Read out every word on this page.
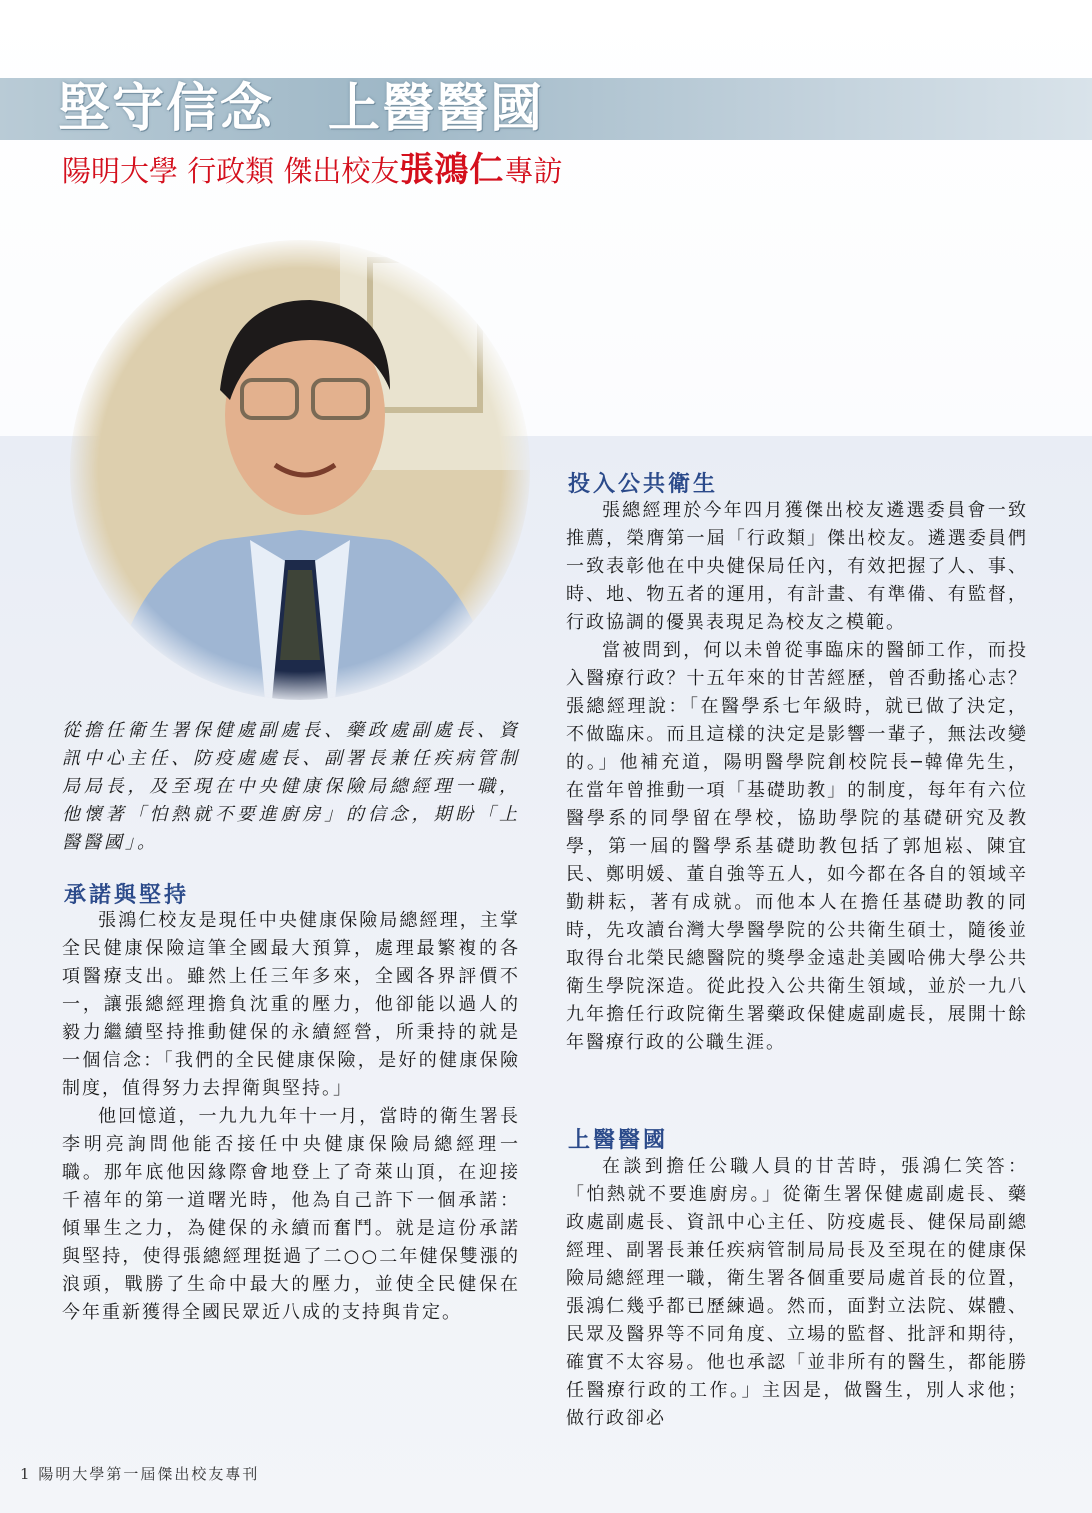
堅守信念　上醫醫國
陽明大學 行政類 傑出校友張鴻仁專訪

從擔任衛生署保健處副處長、藥政處副處長、資訊中心主任、防疫處處長、副署長兼任疾病管制局局長，及至現在中央健康保險局總經理一職，他懷著「怕熱就不要進廚房」的信念，期盼「上醫醫國」。

承諾與堅持

張鴻仁校友是現任中央健康保險局總經理，主掌全民健康保險這筆全國最大預算，處理最繁複的各項醫療支出。雖然上任三年多來，全國各界評價不一，讓張總經理擔負沈重的壓力，他卻能以過人的毅力繼續堅持推動健保的永續經營，所秉持的就是一個信念：「我們的全民健康保險，是好的健康保險制度，值得努力去捍衛與堅持。」

他回憶道，一九九九年十一月，當時的衛生署長李明亮詢問他能否接任中央健康保險局總經理一職。那年底他因緣際會地登上了奇萊山頂，在迎接千禧年的第一道曙光時，他為自己許下一個承諾：傾畢生之力，為健保的永續而奮鬥。就是這份承諾與堅持，使得張總經理挺過了二○○二年健保雙漲的浪頭，戰勝了生命中最大的壓力，並使全民健保在今年重新獲得全國民眾近八成的支持與肯定。

投入公共衛生

張總經理於今年四月獲傑出校友遴選委員會一致推薦，榮膺第一屆「行政類」傑出校友。遴選委員們一致表彰他在中央健保局任內，有效把握了人、事、時、地、物五者的運用，有計畫、有準備、有監督，行政協調的優異表現足為校友之模範。

當被問到，何以未曾從事臨床的醫師工作，而投入醫療行政？十五年來的甘苦經歷，曾否動搖心志？張總經理說：「在醫學系七年級時，就已做了決定，不做臨床。而且這樣的決定是影響一輩子，無法改變的。」他補充道，陽明醫學院創校院長─韓偉先生，在當年曾推動一項「基礎助教」的制度，每年有六位醫學系的同學留在學校，協助學院的基礎研究及教學，第一屆的醫學系基礎助教包括了郭旭崧、陳宜民、鄭明媛、董自強等五人，如今都在各自的領域辛勤耕耘，著有成就。而他本人在擔任基礎助教的同時，先攻讀台灣大學醫學院的公共衛生碩士，隨後並取得台北榮民總醫院的獎學金遠赴美國哈佛大學公共衛生學院深造。從此投入公共衛生領域，並於一九八九年擔任行政院衛生署藥政保健處副處長，展開十餘年醫療行政的公職生涯。

上醫醫國

在談到擔任公職人員的甘苦時，張鴻仁笑答：「怕熱就不要進廚房。」從衛生署保健處副處長、藥政處副處長、資訊中心主任、防疫處長、健保局副總經理、副署長兼任疾病管制局局長及至現在的健康保險局總經理一職，衛生署各個重要局處首長的位置，張鴻仁幾乎都已歷練過。然而，面對立法院、媒體、民眾及醫界等不同角度、立場的監督、批評和期待，確實不太容易。他也承認「並非所有的醫生，都能勝任醫療行政的工作。」主因是，做醫生，別人求他；做行政卻必

1 陽明大學第一屆傑出校友專刊
